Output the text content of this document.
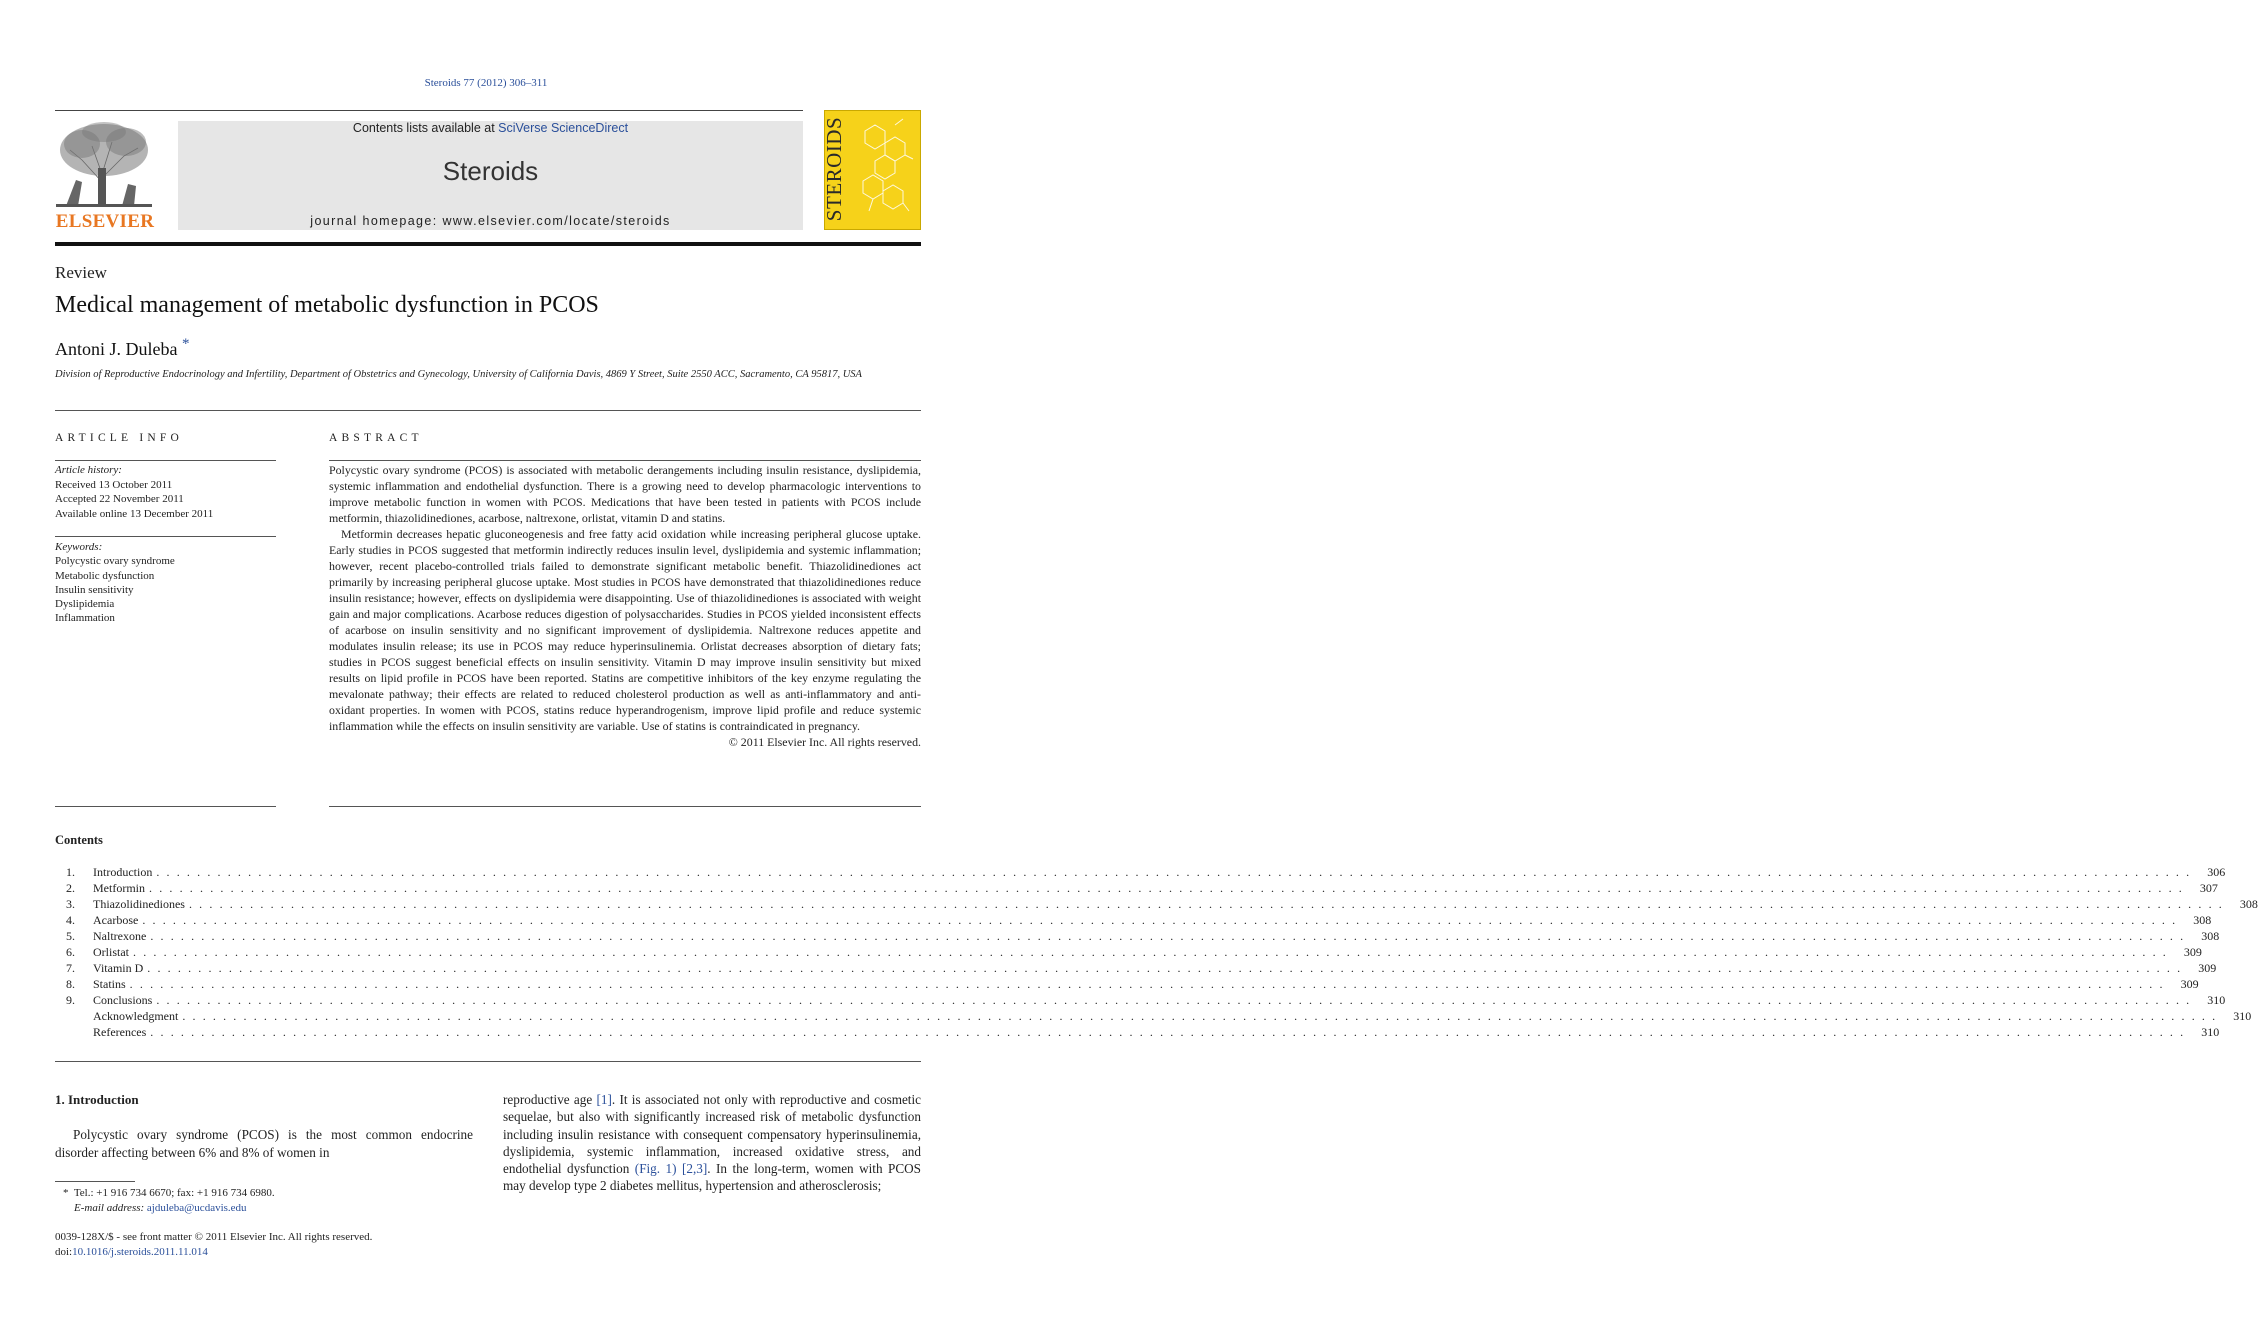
Steroids 77 (2012) 306–311
ELSEVIER
Contents lists available at SciVerse ScienceDirect
Steroids
journal homepage: www.elsevier.com/locate/steroids	STEROIDS
Review
Medical management of metabolic dysfunction in PCOS
Antoni J. Duleba *
Division of Reproductive Endocrinology and Infertility, Department of Obstetrics and Gynecology, University of California Davis, 4869 Y Street, Suite 2550 ACC, Sacramento, CA 95817, USA
ARTICLE INFO
Article history:
Received 13 October 2011
Accepted 22 November 2011
Available online 13 December 2011
Keywords:
Polycystic ovary syndrome
Metabolic dysfunction
Insulin sensitivity
Dyslipidemia
Inflammation
ABSTRACT

Polycystic ovary syndrome (PCOS) is associated with metabolic derangements including insulin resistance, dyslipidemia, systemic inflammation and endothelial dysfunction. There is a growing need to develop pharmacologic interventions to improve metabolic function in women with PCOS. Medications that have been tested in patients with PCOS include metformin, thiazolidinediones, acarbose, naltrexone, orlistat, vitamin D and statins.

Metformin decreases hepatic gluconeogenesis and free fatty acid oxidation while increasing peripheral glucose uptake. Early studies in PCOS suggested that metformin indirectly reduces insulin level, dyslipidemia and systemic inflammation; however, recent placebo-controlled trials failed to demonstrate significant metabolic benefit. Thiazolidinediones act primarily by increasing peripheral glucose uptake. Most studies in PCOS have demonstrated that thiazolidinediones reduce insulin resistance; however, effects on dyslipidemia were disappointing. Use of thiazolidinediones is associated with weight gain and major complications. Acarbose reduces digestion of polysaccharides. Studies in PCOS yielded inconsistent effects of acarbose on insulin sensitivity and no significant improvement of dyslipidemia. Naltrexone reduces appetite and modulates insulin release; its use in PCOS may reduce hyperinsulinemia. Orlistat decreases absorption of dietary fats; studies in PCOS suggest beneficial effects on insulin sensitivity. Vitamin D may improve insulin sensitivity but mixed results on lipid profile in PCOS have been reported. Statins are competitive inhibitors of the key enzyme regulating the mevalonate pathway; their effects are related to reduced cholesterol production as well as anti-inflammatory and anti-oxidant properties. In women with PCOS, statins reduce hyperandrogenism, improve lipid profile and reduce systemic inflammation while the effects on insulin sensitivity are variable. Use of statins is contraindicated in pregnancy.

© 2011 Elsevier Inc. All rights reserved.
Contents
1. Introduction . . . . . . . . . . . . . . . . . . . . . . . . . . . . . . . . . . . . . . . . . . . . . . . . . . . . . . . . . . . . . . . . . . . . . . . . . . . . . . . . . . . . . . . . . . . . . . . . . . . . . . . . . . . . . . . . . . . . . . . . . . . . . . . . . . . . . . . . . . . . . . . . . . . . . . . . . . . . . . . . . . . . . . . . . . . . . . . . . . . . . . . . . . . . . . . . . . . . . . . .	306
2. Metformin . . . . . . . . . . . . . . . . . . . . . . . . . . . . . . . . . . . . . . . . . . . . . . . . . . . . . . . . . . . . . . . . . . . . . . . . . . . . . . . . . . . . . . . . . . . . . . . . . . . . . . . . . . . . . . . . . . . . . . . . . . . . . . . . . . . . . . . . . . . . . . . . . . . . . . . . . . . . . . . . . . . . . . . . . . . . . . . . . . . . . . . . . . . . . . . . . . . . . . . .	307
3. Thiazolidinediones . . . . . . . . . . . . . . . . . . . . . . . . . . . . . . . . . . . . . . . . . . . . . . . . . . . . . . . . . . . . . . . . . . . . . . . . . . . . . . . . . . . . . . . . . . . . . . . . . . . . . . . . . . . . . . . . . . . . . . . . . . . . . . . . . . . . . . . . . . . . . . . . . . . . . . . . . . . . . . . . . . . . . . . . . . . . . . . . . . . . . . . . . . . . . . . . . . . . . . . .	308
4. Acarbose . . . . . . . . . . . . . . . . . . . . . . . . . . . . . . . . . . . . . . . . . . . . . . . . . . . . . . . . . . . . . . . . . . . . . . . . . . . . . . . . . . . . . . . . . . . . . . . . . . . . . . . . . . . . . . . . . . . . . . . . . . . . . . . . . . . . . . . . . . . . . . . . . . . . . . . . . . . . . . . . . . . . . . . . . . . . . . . . . . . . . . . . . . . . . . . . . . . . . . . .	308
5. Naltrexone . . . . . . . . . . . . . . . . . . . . . . . . . . . . . . . . . . . . . . . . . . . . . . . . . . . . . . . . . . . . . . . . . . . . . . . . . . . . . . . . . . . . . . . . . . . . . . . . . . . . . . . . . . . . . . . . . . . . . . . . . . . . . . . . . . . . . . . . . . . . . . . . . . . . . . . . . . . . . . . . . . . . . . . . . . . . . . . . . . . . . . . . . . . . . . . . . . . . . . . .	308
6. Orlistat . . . . . . . . . . . . . . . . . . . . . . . . . . . . . . . . . . . . . . . . . . . . . . . . . . . . . . . . . . . . . . . . . . . . . . . . . . . . . . . . . . . . . . . . . . . . . . . . . . . . . . . . . . . . . . . . . . . . . . . . . . . . . . . . . . . . . . . . . . . . . . . . . . . . . . . . . . . . . . . . . . . . . . . . . . . . . . . . . . . . . . . . . . . . . . . . . . . . . . . .	309
7. Vitamin D . . . . . . . . . . . . . . . . . . . . . . . . . . . . . . . . . . . . . . . . . . . . . . . . . . . . . . . . . . . . . . . . . . . . . . . . . . . . . . . . . . . . . . . . . . . . . . . . . . . . . . . . . . . . . . . . . . . . . . . . . . . . . . . . . . . . . . . . . . . . . . . . . . . . . . . . . . . . . . . . . . . . . . . . . . . . . . . . . . . . . . . . . . . . . . . . . . . . . . . .	309
8. Statins . . . . . . . . . . . . . . . . . . . . . . . . . . . . . . . . . . . . . . . . . . . . . . . . . . . . . . . . . . . . . . . . . . . . . . . . . . . . . . . . . . . . . . . . . . . . . . . . . . . . . . . . . . . . . . . . . . . . . . . . . . . . . . . . . . . . . . . . . . . . . . . . . . . . . . . . . . . . . . . . . . . . . . . . . . . . . . . . . . . . . . . . . . . . . . . . . . . . . . . .	309
9. Conclusions . . . . . . . . . . . . . . . . . . . . . . . . . . . . . . . . . . . . . . . . . . . . . . . . . . . . . . . . . . . . . . . . . . . . . . . . . . . . . . . . . . . . . . . . . . . . . . . . . . . . . . . . . . . . . . . . . . . . . . . . . . . . . . . . . . . . . . . . . . . . . . . . . . . . . . . . . . . . . . . . . . . . . . . . . . . . . . . . . . . . . . . . . . . . . . . . . . . . . . . .	310
Acknowledgment . . . . . . . . . . . . . . . . . . . . . . . . . . . . . . . . . . . . . . . . . . . . . . . . . . . . . . . . . . . . . . . . . . . . . . . . . . . . . . . . . . . . . . . . . . . . . . . . . . . . . . . . . . . . . . . . . . . . . . . . . . . . . . . . . . . . . . . . . . . . . . . . . . . . . . . . . . . . . . . . . . . . . . . . . . . . . . . . . . . . . . . . . . . . . . . . . . . . . . . .	310
References . . . . . . . . . . . . . . . . . . . . . . . . . . . . . . . . . . . . . . . . . . . . . . . . . . . . . . . . . . . . . . . . . . . . . . . . . . . . . . . . . . . . . . . . . . . . . . . . . . . . . . . . . . . . . . . . . . . . . . . . . . . . . . . . . . . . . . . . . . . . . . . . . . . . . . . . . . . . . . . . . . . . . . . . . . . . . . . . . . . . . . . . . . . . . . . . . . . . . . . .	310
1. Introduction
Polycystic ovary syndrome (PCOS) is the most common endocrine disorder affecting between 6% and 8% of women in
reproductive age [1]. It is associated not only with reproductive and cosmetic sequelae, but also with significantly increased risk of metabolic dysfunction including insulin resistance with consequent compensatory hyperinsulinemia, dyslipidemia, systemic inflammation, increased oxidative stress, and endothelial dysfunction (Fig. 1) [2,3]. In the long-term, women with PCOS may develop type 2 diabetes mellitus, hypertension and atherosclerosis;
* Tel.: +1 916 734 6670; fax: +1 916 734 6980.
E-mail address: ajduleba@ucdavis.edu
0039-128X/$ - see front matter © 2011 Elsevier Inc. All rights reserved.
doi:10.1016/j.steroids.2011.11.014
